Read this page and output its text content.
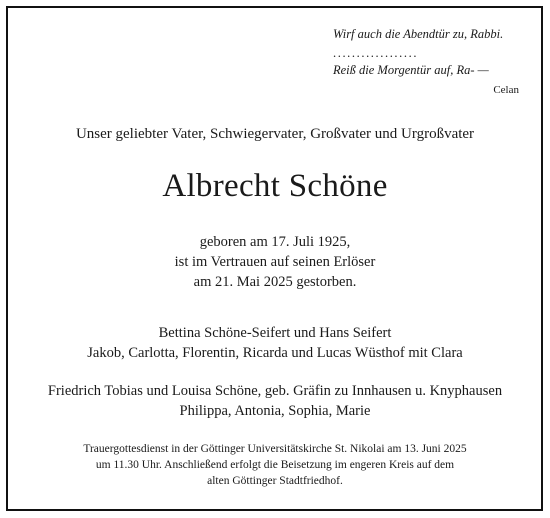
Wirf auch die Abendtür zu, Rabbi.
..................
Reiß die Morgentür auf, Ra- —
Celan
Unser geliebter Vater, Schwiegervater, Großvater und Urgroßvater
Albrecht Schöne
geboren am 17. Juli 1925,
ist im Vertrauen auf seinen Erlöser
am 21. Mai 2025 gestorben.
Bettina Schöne-Seifert und Hans Seifert
Jakob, Carlotta, Florentin, Ricarda und Lucas Wüsthof mit Clara
Friedrich Tobias und Louisa Schöne, geb. Gräfin zu Innhausen u. Knyphausen
Philippa, Antonia, Sophia, Marie
Trauergottesdienst in der Göttinger Universitätskirche St. Nikolai am 13. Juni 2025
um 11.30 Uhr. Anschließend erfolgt die Beisetzung im engeren Kreis auf dem
alten Göttinger Stadtfriedhof.
